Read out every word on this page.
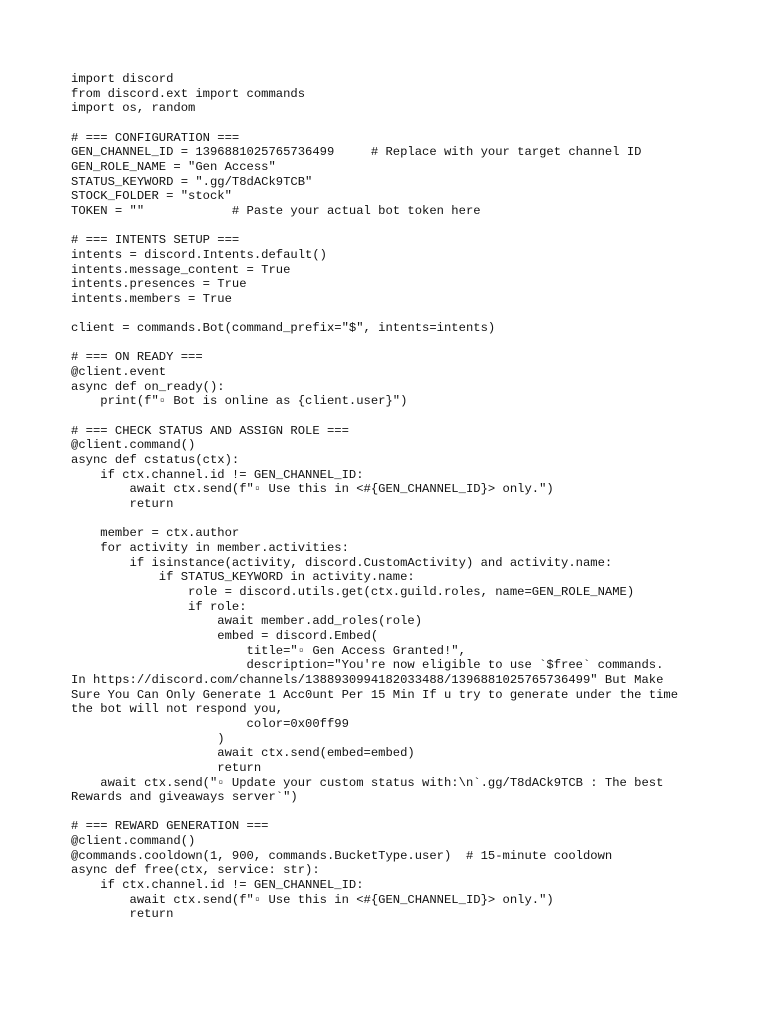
import discord
from discord.ext import commands
import os, random
# === CONFIGURATION ===
GEN_CHANNEL_ID = 1396881025765736499     # Replace with your target channel ID
GEN_ROLE_NAME = "Gen Access"
STATUS_KEYWORD = ".gg/T8dACk9TCB"
STOCK_FOLDER = "stock"
TOKEN = ""            # Paste your actual bot token here
# === INTENTS SETUP ===
intents = discord.Intents.default()
intents.message_content = True
intents.presences = True
intents.members = True
client = commands.Bot(command_prefix="$", intents=intents)
# === ON READY ===
@client.event
async def on_ready():
print(f"▫ Bot is online as {client.user}")
# === CHECK STATUS AND ASSIGN ROLE ===
@client.command()
async def cstatus(ctx):
if ctx.channel.id != GEN_CHANNEL_ID:
await ctx.send(f"▫ Use this in <#{GEN_CHANNEL_ID}> only.")
return
member = ctx.author
for activity in member.activities:
if isinstance(activity, discord.CustomActivity) and activity.name:
if STATUS_KEYWORD in activity.name:
role = discord.utils.get(ctx.guild.roles, name=GEN_ROLE_NAME)
if role:
await member.add_roles(role)
embed = discord.Embed(
title="▫ Gen Access Granted!",
description="You're now eligible to use `$free` commands.
In https://discord.com/channels/1388930994182033488/1396881025765736499" But Make
Sure You Can Only Generate 1 Acc0unt Per 15 Min If u try to generate under the time
the bot will not respond you,
color=0x00ff99
)
await ctx.send(embed=embed)
return
await ctx.send("▫ Update your custom status with:\n`.gg/T8dACk9TCB : The best
Rewards and giveaways server`")
# === REWARD GENERATION ===
@client.command()
@commands.cooldown(1, 900, commands.BucketType.user)  # 15-minute cooldown
async def free(ctx, service: str):
if ctx.channel.id != GEN_CHANNEL_ID:
await ctx.send(f"▫ Use this in <#{GEN_CHANNEL_ID}> only.")
return
